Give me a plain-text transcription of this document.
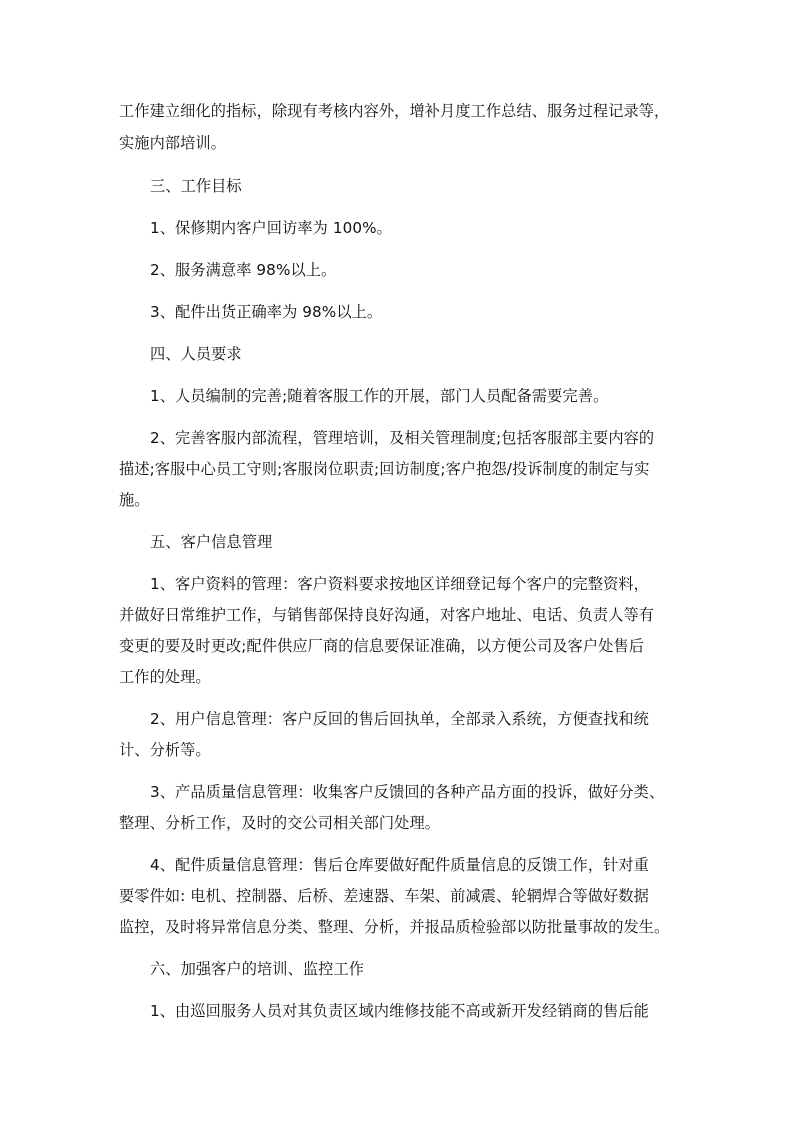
工作建立细化的指标，除现有考核内容外，增补月度工作总结、服务过程记录等，
实施内部培训。
三、工作目标
1、保修期内客户回访率为 100%。
2、服务满意率 98%以上。
3、配件出货正确率为 98%以上。
四、人员要求
1、人员编制的完善;随着客服工作的开展，部门人员配备需要完善。
2、完善客服内部流程，管理培训，及相关管理制度;包括客服部主要内容的
描述;客服中心员工守则;客服岗位职责;回访制度;客户抱怨/投诉制度的制定与实
施。
五、客户信息管理
1、客户资料的管理：客户资料要求按地区详细登记每个客户的完整资料，
并做好日常维护工作，与销售部保持良好沟通，对客户地址、电话、负责人等有
变更的要及时更改;配件供应厂商的信息要保证准确，以方便公司及客户处售后
工作的处理。
2、用户信息管理：客户反回的售后回执单，全部录入系统，方便查找和统
计、分析等。
3、产品质量信息管理：收集客户反馈回的各种产品方面的投诉，做好分类、
整理、分析工作，及时的交公司相关部门处理。
4、配件质量信息管理：售后仓库要做好配件质量信息的反馈工作，针对重
要零件如: 电机、控制器、后桥、差速器、车架、前减震、轮辋焊合等做好数据
监控，及时将异常信息分类、整理、分析，并报品质检验部以防批量事故的发生。
六、加强客户的培训、监控工作
1、由巡回服务人员对其负责区域内维修技能不高或新开发经销商的售后能
